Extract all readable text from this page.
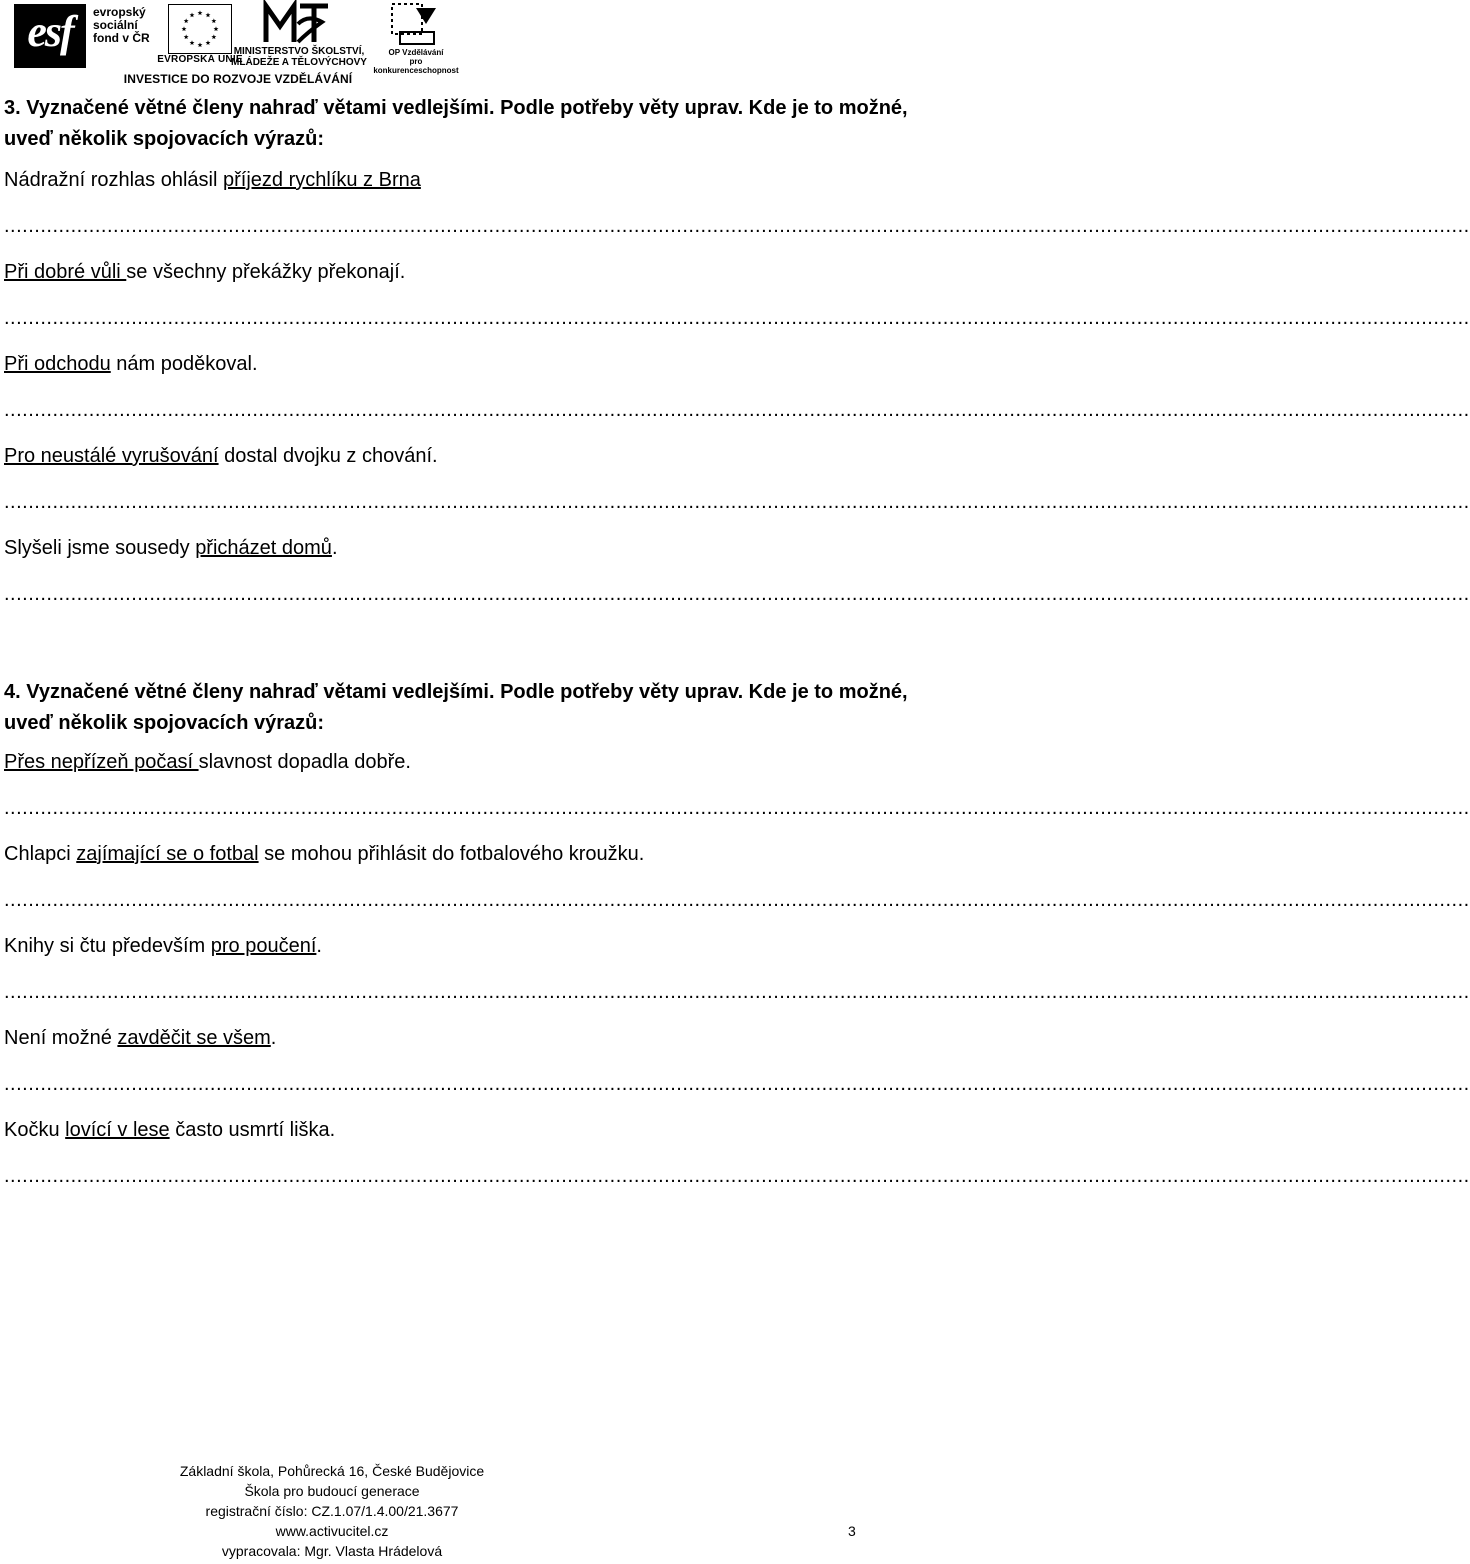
esf	evropský
sociální
fond v ČR
EVROPSKÁ UNIE
MINISTERSTVO ŠKOLSTVÍ,
MLÁDEŽE A TĚLOVÝCHOVY
OP Vzdělávání
pro konkurenceschopnost
INVESTICE DO ROZVOJE VZDĚLÁVÁNÍ

3. Vyznačené větné členy nahraď větami vedlejšími. Podle potřeby věty uprav. Kde je to možné, uveď několik spojovacích výrazů:

Nádražní rozhlas ohlásil příjezd rychlíku z Brna

..................................................................................................................................................................................................................................................

Při dobré vůli se všechny překážky překonají.

..................................................................................................................................................................................................................................................

Při odchodu nám poděkoval.

..................................................................................................................................................................................................................................................

Pro neustálé vyrušování dostal dvojku z chování.

..................................................................................................................................................................................................................................................

Slyšeli jsme sousedy přicházet domů.

..................................................................................................................................................................................................................................................

4. Vyznačené větné členy nahraď větami vedlejšími. Podle potřeby věty uprav. Kde je to možné, uveď několik spojovacích výrazů:

Přes nepřízeň počasí slavnost dopadla dobře.

..................................................................................................................................................................................................................................................

Chlapci zajímající se o fotbal se mohou přihlásit do fotbalového kroužku.

..................................................................................................................................................................................................................................................

Knihy si čtu především pro poučení.

..................................................................................................................................................................................................................................................

Není možné zavděčit se všem.

..................................................................................................................................................................................................................................................

Kočku lovící v lese často usmrtí liška.

..................................................................................................................................................................................................................................................

Základní škola, Pohůrecká 16, České Budějovice
Škola pro budoucí generace
registrační číslo: CZ.1.07/1.4.00/21.3677
www.activucitel.cz
vypracovala: Mgr. Vlasta Hrádelová
3
